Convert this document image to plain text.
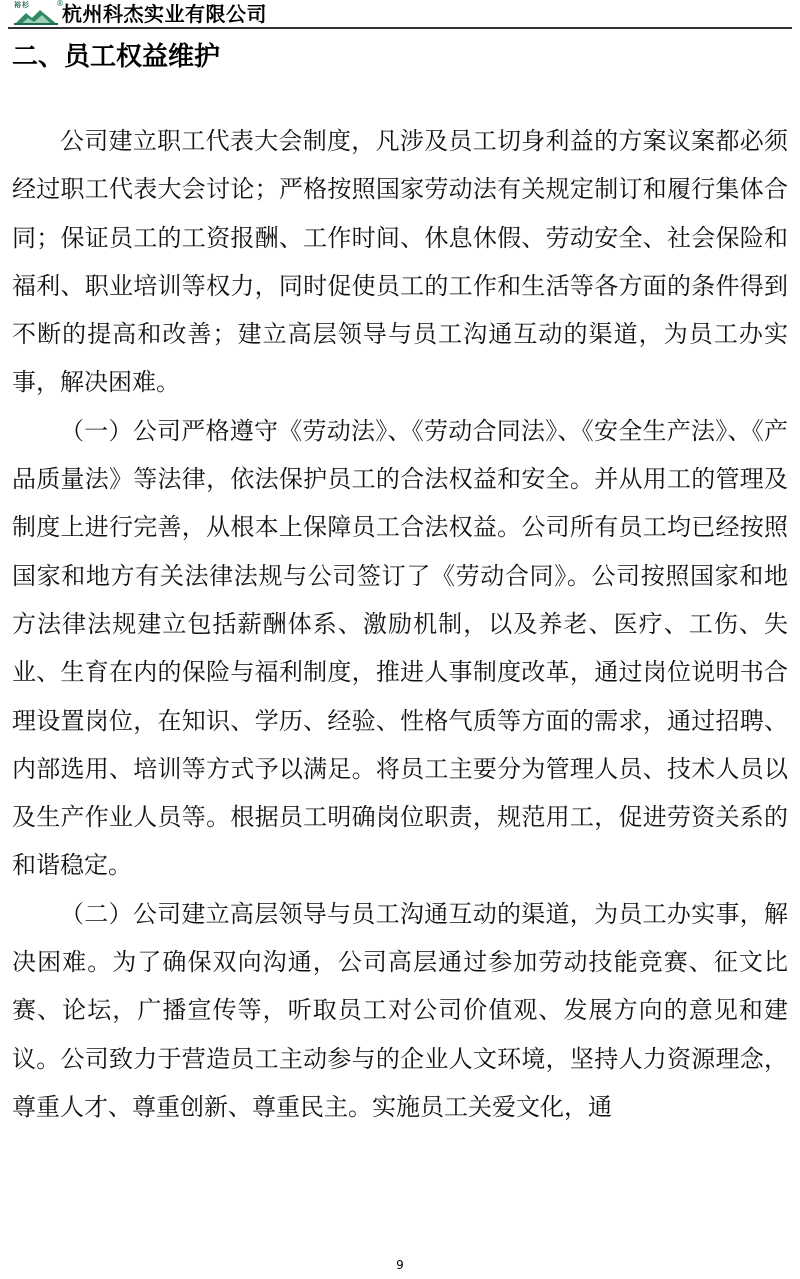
裕杉	®
杭州科杰实业有限公司
二、员工权益维护

公司建立职工代表大会制度，凡涉及员工切身利益的方案议案都必须经过职工代表大会讨论；严格按照国家劳动法有关规定制订和履行集体合同；保证员工的工资报酬、工作时间、休息休假、劳动安全、社会保险和福利、职业培训等权力，同时促使员工的工作和生活等各方面的条件得到不断的提高和改善；建立高层领导与员工沟通互动的渠道，为员工办实事，解决困难。

（一）公司严格遵守《劳动法》、《劳动合同法》、《安全生产法》、《产品质量法》等法律，依法保护员工的合法权益和安全。并从用工的管理及制度上进行完善，从根本上保障员工合法权益。公司所有员工均已经按照国家和地方有关法律法规与公司签订了《劳动合同》。公司按照国家和地方法律法规建立包括薪酬体系、激励机制，以及养老、医疗、工伤、失业、生育在内的保险与福利制度，推进人事制度改革，通过岗位说明书合理设置岗位，在知识、学历、经验、性格气质等方面的需求，通过招聘、内部选用、培训等方式予以满足。将员工主要分为管理人员、技术人员以及生产作业人员等。根据员工明确岗位职责，规范用工，促进劳资关系的和谐稳定。

（二）公司建立高层领导与员工沟通互动的渠道，为员工办实事，解决困难。为了确保双向沟通，公司高层通过参加劳动技能竞赛、征文比赛、论坛，广播宣传等，听取员工对公司价值观、发展方向的意见和建议。公司致力于营造员工主动参与的企业人文环境，坚持人力资源理念，尊重人才、尊重创新、尊重民主。实施员工关爱文化，通

9
